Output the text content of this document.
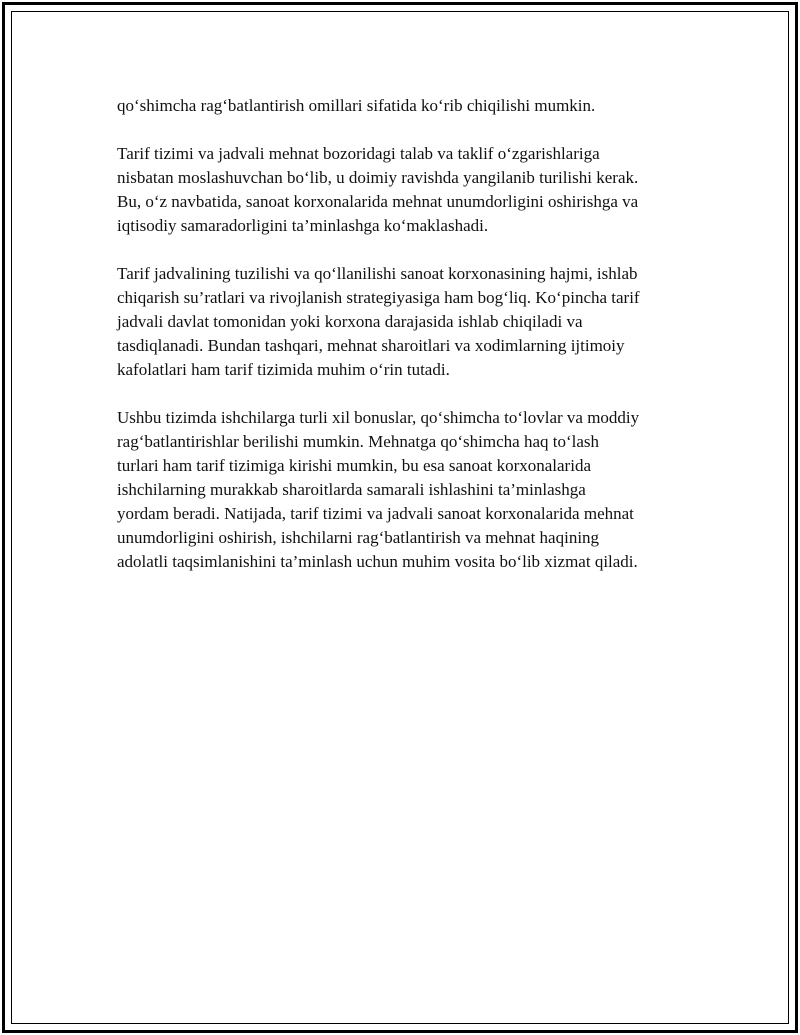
qo‘shimcha rag‘batlantirish omillari sifatida ko‘rib chiqilishi mumkin.
Tarif tizimi va jadvali mehnat bozoridagi talab va taklif o‘zgarishlariga
nisbatan moslashuvchan bo‘lib, u doimiy ravishda yangilanib turilishi kerak.
Bu, o‘z navbatida, sanoat korxonalarida mehnat unumdorligini oshirishga va
iqtisodiy samaradorligini ta’minlashga ko‘maklashadi.
Tarif jadvalining tuzilishi va qo‘llanilishi sanoat korxonasining hajmi, ishlab
chiqarish su’ratlari va rivojlanish strategiyasiga ham bog‘liq. Ko‘pincha tarif
jadvali davlat tomonidan yoki korxona darajasida ishlab chiqiladi va
tasdiqlanadi. Bundan tashqari, mehnat sharoitlari va xodimlarning ijtimoiy
kafolatlari ham tarif tizimida muhim o‘rin tutadi.
Ushbu tizimda ishchilarga turli xil bonuslar, qo‘shimcha to‘lovlar va moddiy
rag‘batlantirishlar berilishi mumkin. Mehnatga qo‘shimcha haq to‘lash
turlari ham tarif tizimiga kirishi mumkin, bu esa sanoat korxonalarida
ishchilarning murakkab sharoitlarda samarali ishlashini ta’minlashga
yordam beradi. Natijada, tarif tizimi va jadvali sanoat korxonalarida mehnat
unumdorligini oshirish, ishchilarni rag‘batlantirish va mehnat haqining
adolatli taqsimlanishini ta’minlash uchun muhim vosita bo‘lib xizmat qiladi.
